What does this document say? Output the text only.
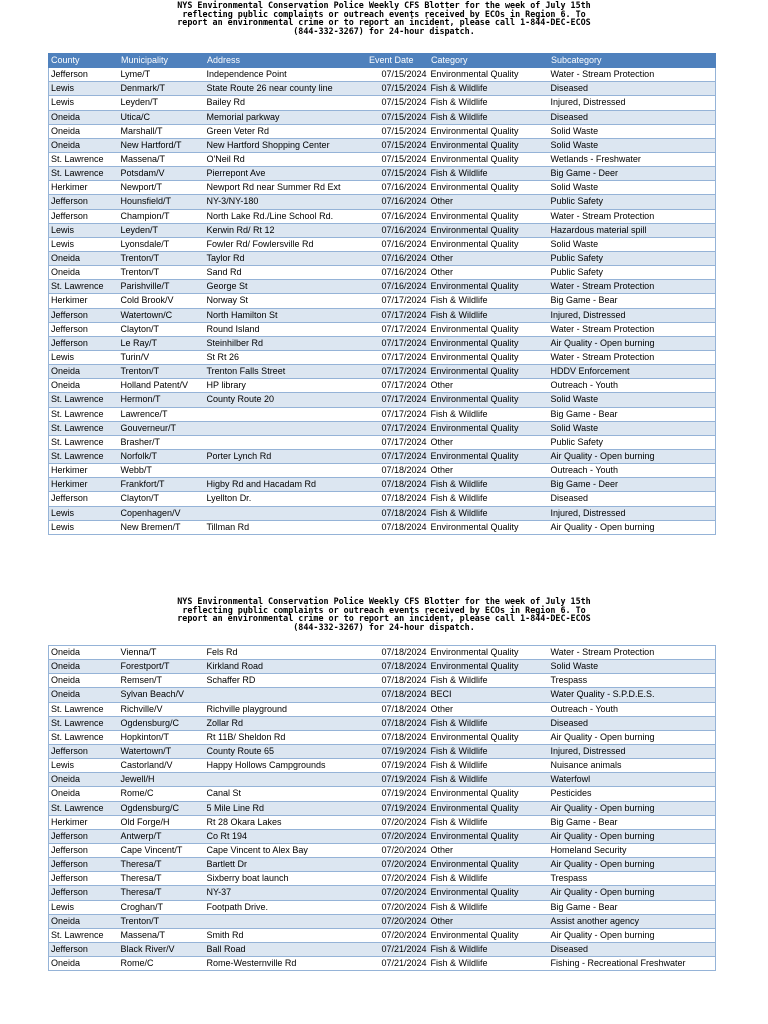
NYS Environmental Conservation Police Weekly CFS Blotter for the week of July 15th
reflecting public complaints or outreach events received by ECOs in Region 6. To
report an environmental crime or to report an incident, please call 1-844-DEC-ECOS
(844-332-3267) for 24-hour dispatch.
County	Municipality	Address	Event Date	Category	Subcategory
Jefferson	Lyme/T	Independence Point	07/15/2024	Environmental Quality	Water - Stream Protection
Lewis	Denmark/T	State Route 26 near county line	07/15/2024	Fish & Wildlife	Diseased
Lewis	Leyden/T	Bailey Rd	07/15/2024	Fish & Wildlife	Injured, Distressed
Oneida	Utica/C	Memorial parkway	07/15/2024	Fish & Wildlife	Diseased
Oneida	Marshall/T	Green Veter Rd	07/15/2024	Environmental Quality	Solid Waste
Oneida	New Hartford/T	New Hartford Shopping Center	07/15/2024	Environmental Quality	Solid Waste
St. Lawrence	Massena/T	O'Neil Rd	07/15/2024	Environmental Quality	Wetlands - Freshwater
St. Lawrence	Potsdam/V	Pierrepont Ave	07/15/2024	Fish & Wildlife	Big Game - Deer
Herkimer	Newport/T	Newport Rd near Summer Rd Ext	07/16/2024	Environmental Quality	Solid Waste
Jefferson	Hounsfield/T	NY-3/NY-180	07/16/2024	Other	Public Safety
Jefferson	Champion/T	North Lake Rd./Line School Rd.	07/16/2024	Environmental Quality	Water - Stream Protection
Lewis	Leyden/T	Kerwin Rd/ Rt 12	07/16/2024	Environmental Quality	Hazardous material spill
Lewis	Lyonsdale/T	Fowler Rd/ Fowlersville Rd	07/16/2024	Environmental Quality	Solid Waste
Oneida	Trenton/T	Taylor Rd	07/16/2024	Other	Public Safety
Oneida	Trenton/T	Sand Rd	07/16/2024	Other	Public Safety
St. Lawrence	Parishville/T	George St	07/16/2024	Environmental Quality	Water - Stream Protection
Herkimer	Cold Brook/V	Norway St	07/17/2024	Fish & Wildlife	Big Game - Bear
Jefferson	Watertown/C	North Hamilton St	07/17/2024	Fish & Wildlife	Injured, Distressed
Jefferson	Clayton/T	Round Island	07/17/2024	Environmental Quality	Water - Stream Protection
Jefferson	Le Ray/T	Steinhilber Rd	07/17/2024	Environmental Quality	Air Quality - Open burning
Lewis	Turin/V	St Rt 26	07/17/2024	Environmental Quality	Water - Stream Protection
Oneida	Trenton/T	Trenton Falls Street	07/17/2024	Environmental Quality	HDDV Enforcement
Oneida	Holland Patent/V	HP library	07/17/2024	Other	Outreach - Youth
St. Lawrence	Hermon/T	County Route 20	07/17/2024	Environmental Quality	Solid Waste
St. Lawrence	Lawrence/T		07/17/2024	Fish & Wildlife	Big Game - Bear
St. Lawrence	Gouverneur/T		07/17/2024	Environmental Quality	Solid Waste
St. Lawrence	Brasher/T		07/17/2024	Other	Public Safety
St. Lawrence	Norfolk/T	Porter Lynch Rd	07/17/2024	Environmental Quality	Air Quality - Open burning
Herkimer	Webb/T		07/18/2024	Other	Outreach - Youth
Herkimer	Frankfort/T	Higby Rd and Hacadam Rd	07/18/2024	Fish & Wildlife	Big Game - Deer
Jefferson	Clayton/T	Lyellton Dr.	07/18/2024	Fish & Wildlife	Diseased
Lewis	Copenhagen/V		07/18/2024	Fish & Wildlife	Injured, Distressed
Lewis	New Bremen/T	Tillman Rd	07/18/2024	Environmental Quality	Air Quality - Open burning
NYS Environmental Conservation Police Weekly CFS Blotter for the week of July 15th
reflecting public complaints or outreach events received by ECOs in Region 6. To
report an environmental crime or to report an incident, please call 1-844-DEC-ECOS
(844-332-3267) for 24-hour dispatch.
Oneida	Vienna/T	Fels Rd	07/18/2024	Environmental Quality	Water - Stream Protection
Oneida	Forestport/T	Kirkland Road	07/18/2024	Environmental Quality	Solid Waste
Oneida	Remsen/T	Schaffer RD	07/18/2024	Fish & Wildlife	Trespass
Oneida	Sylvan Beach/V		07/18/2024	BECI	Water Quality - S.P.D.E.S.
St. Lawrence	Richville/V	Richville playground	07/18/2024	Other	Outreach - Youth
St. Lawrence	Ogdensburg/C	Zollar Rd	07/18/2024	Fish & Wildlife	Diseased
St. Lawrence	Hopkinton/T	Rt 11B/ Sheldon Rd	07/18/2024	Environmental Quality	Air Quality - Open burning
Jefferson	Watertown/T	County Route 65	07/19/2024	Fish & Wildlife	Injured, Distressed
Lewis	Castorland/V	Happy Hollows Campgrounds	07/19/2024	Fish & Wildlife	Nuisance animals
Oneida	Jewell/H		07/19/2024	Fish & Wildlife	Waterfowl
Oneida	Rome/C	Canal St	07/19/2024	Environmental Quality	Pesticides
St. Lawrence	Ogdensburg/C	5 Mile Line Rd	07/19/2024	Environmental Quality	Air Quality - Open burning
Herkimer	Old Forge/H	Rt 28 Okara Lakes	07/20/2024	Fish & Wildlife	Big Game - Bear
Jefferson	Antwerp/T	Co Rt 194	07/20/2024	Environmental Quality	Air Quality - Open burning
Jefferson	Cape Vincent/T	Cape Vincent to Alex Bay	07/20/2024	Other	Homeland Security
Jefferson	Theresa/T	Bartlett Dr	07/20/2024	Environmental Quality	Air Quality - Open burning
Jefferson	Theresa/T	Sixberry boat launch	07/20/2024	Fish & Wildlife	Trespass
Jefferson	Theresa/T	NY-37	07/20/2024	Environmental Quality	Air Quality - Open burning
Lewis	Croghan/T	Footpath Drive.	07/20/2024	Fish & Wildlife	Big Game - Bear
Oneida	Trenton/T		07/20/2024	Other	Assist another agency
St. Lawrence	Massena/T	Smith Rd	07/20/2024	Environmental Quality	Air Quality - Open burning
Jefferson	Black River/V	Ball Road	07/21/2024	Fish & Wildlife	Diseased
Oneida	Rome/C	Rome-Westernville Rd	07/21/2024	Fish & Wildlife	Fishing - Recreational Freshwater
